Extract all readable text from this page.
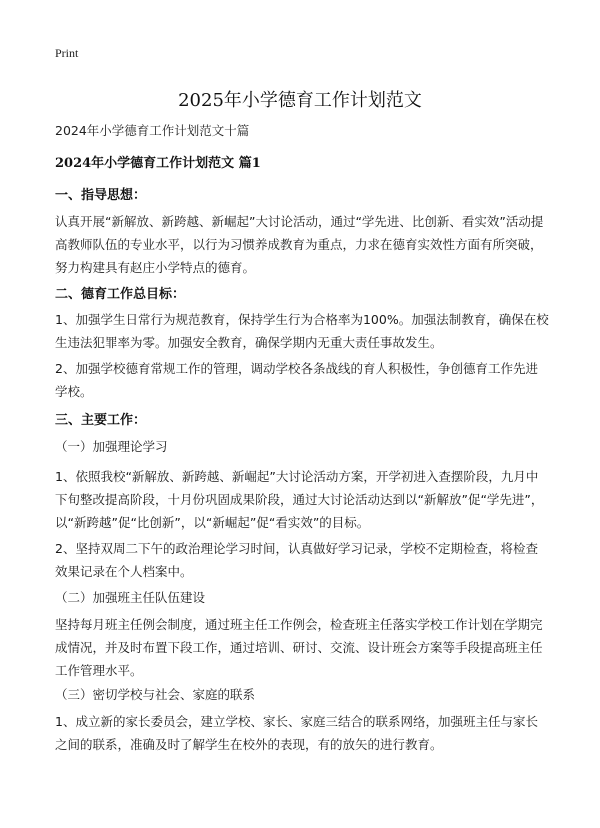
Print
2025年小学德育工作计划范文
2024年小学德育工作计划范文十篇
2024年小学德育工作计划范文 篇1
一、指导思想：
认真开展“新解放、新跨越、新崛起”大讨论活动，通过“学先进、比创新、看实效”活动提高教师队伍的专业水平，以行为习惯养成教育为重点，力求在德育实效性方面有所突破，努力构建具有赵庄小学特点的德育。
二、德育工作总目标：
1、加强学生日常行为规范教育，保持学生行为合格率为100%。加强法制教育，确保在校生违法犯罪率为零。加强安全教育，确保学期内无重大责任事故发生。
2、加强学校德育常规工作的管理，调动学校各条战线的育人积极性，争创德育工作先进学校。
三、主要工作：
（一）加强理论学习
1、依照我校“新解放、新跨越、新崛起”大讨论活动方案，开学初进入查摆阶段，九月中下旬整改提高阶段，十月份巩固成果阶段，通过大讨论活动达到以“新解放”促“学先进”，以“新跨越”促“比创新”，以“新崛起”促“看实效”的目标。
2、坚持双周二下午的政治理论学习时间，认真做好学习记录，学校不定期检查，将检查效果记录在个人档案中。
（二）加强班主任队伍建设
坚持每月班主任例会制度，通过班主任工作例会，检查班主任落实学校工作计划在学期完成情况，并及时布置下段工作，通过培训、研讨、交流、设计班会方案等手段提高班主任工作管理水平。
（三）密切学校与社会、家庭的联系
1、成立新的家长委员会，建立学校、家长、家庭三结合的联系网络，加强班主任与家长之间的联系，准确及时了解学生在校外的表现，有的放矢的进行教育。
